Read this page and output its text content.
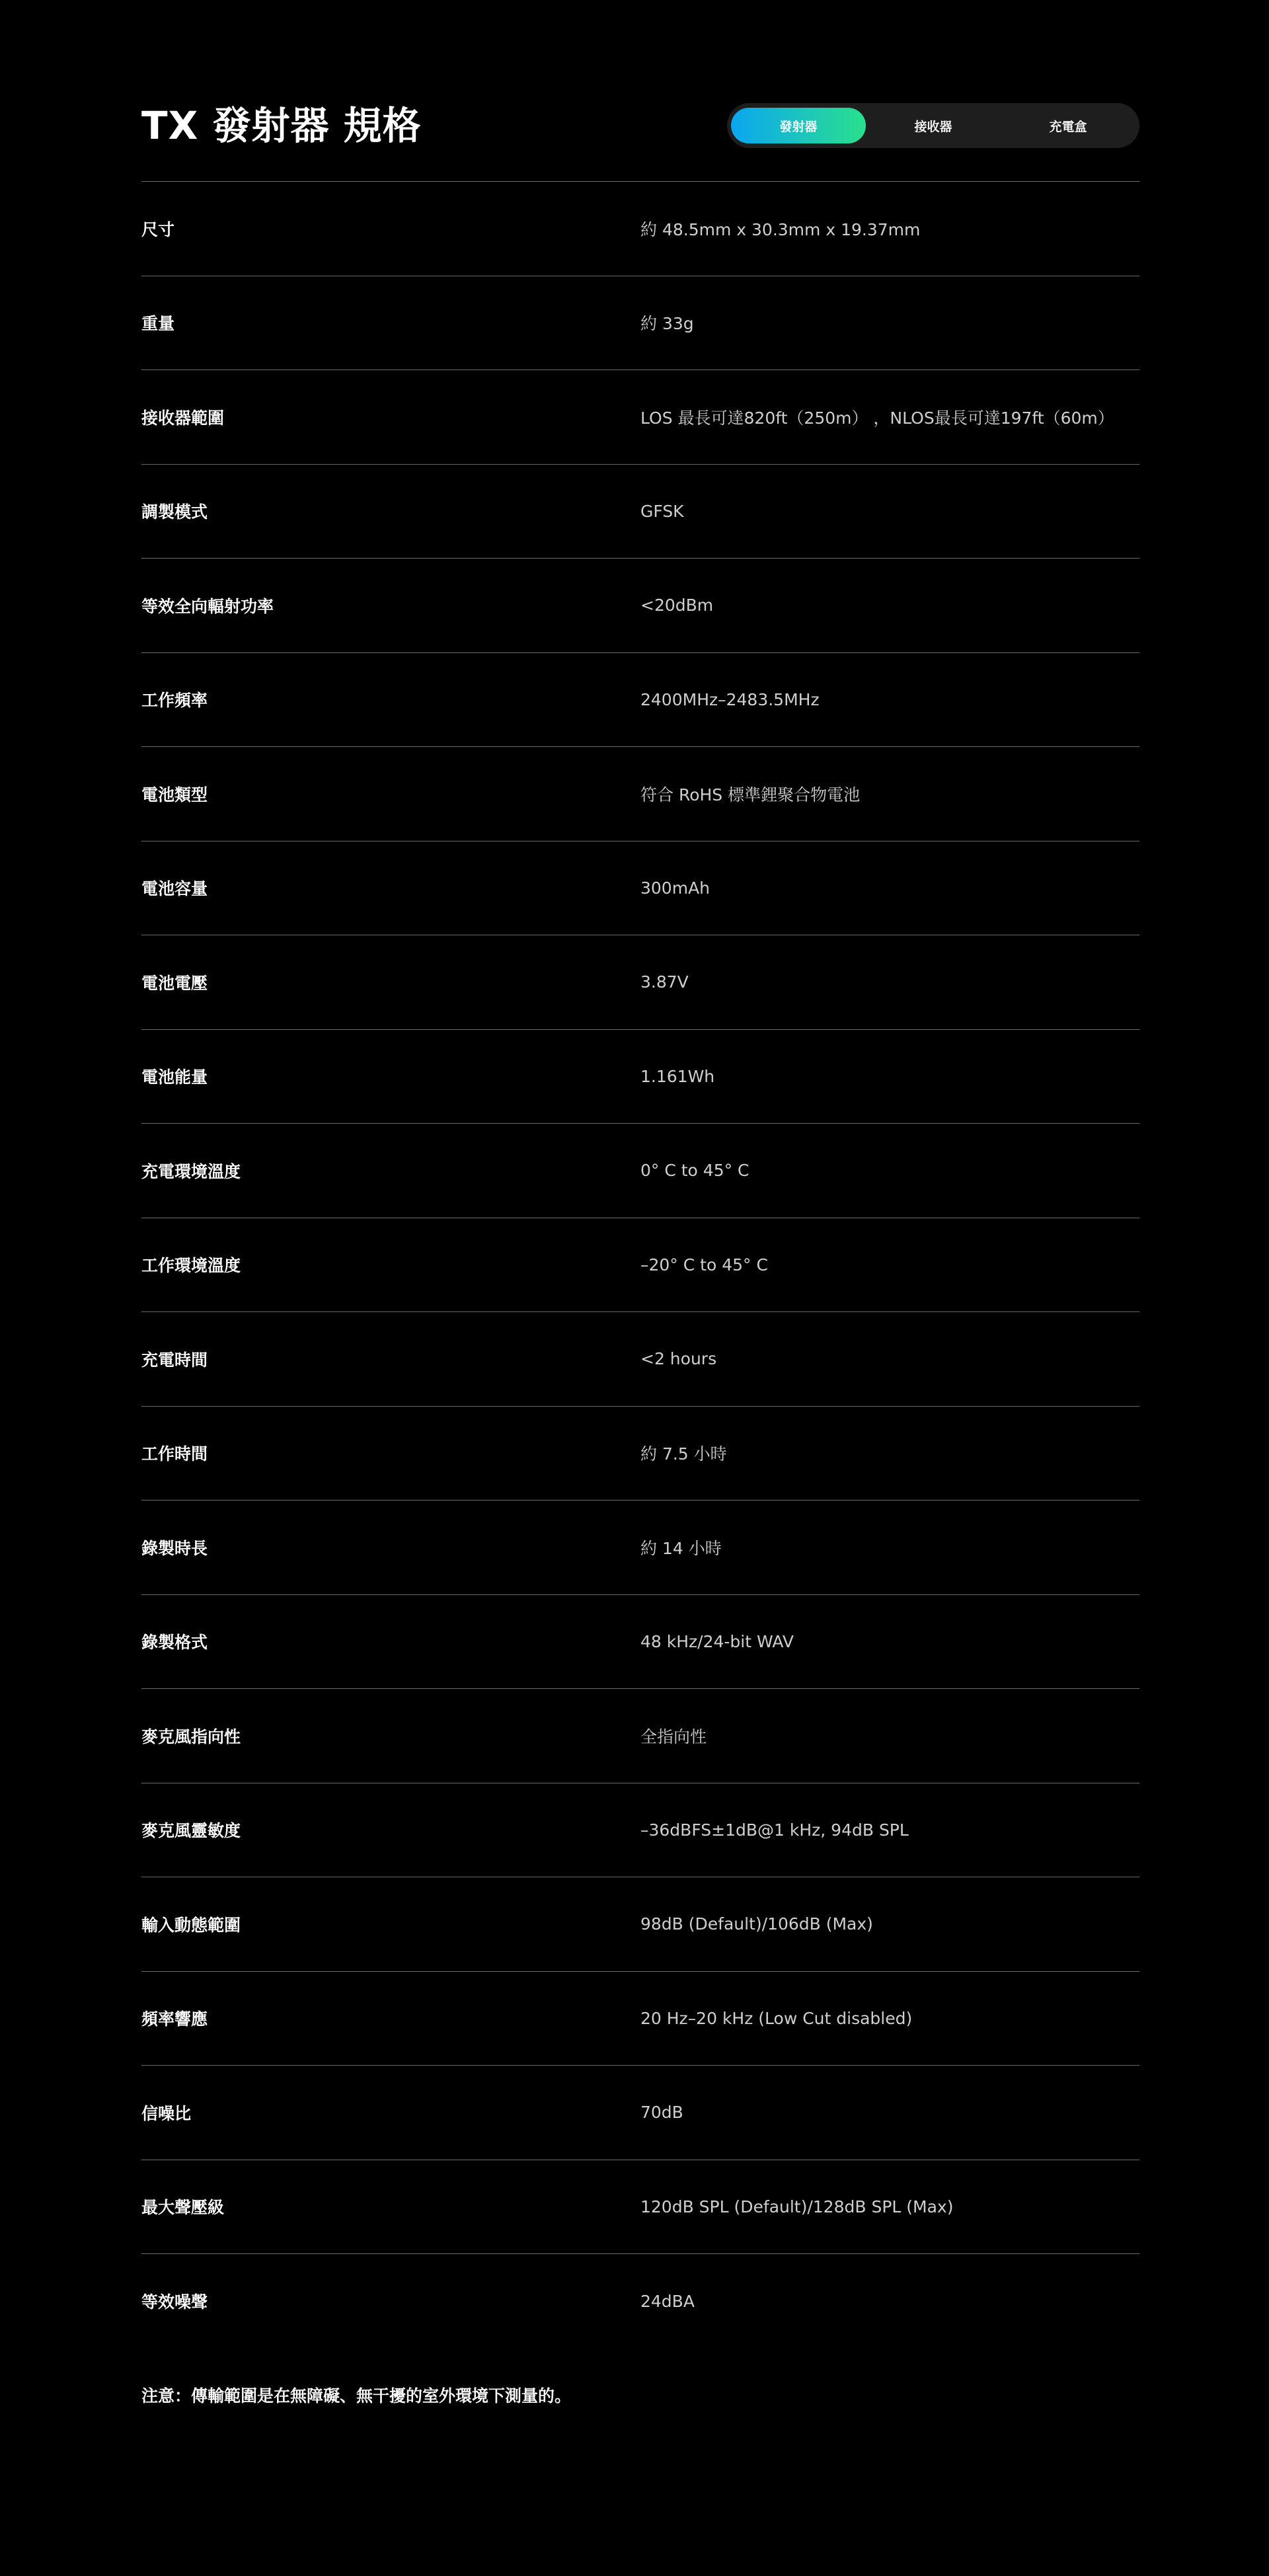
TX 發射器 規格	發射器	接收器	充電盒
尺寸	約 48.5mm x 30.3mm x 19.37mm
重量	約 33g
接收器範圍	LOS 最長可達820ft（250m） ，NLOS最長可達197ft（60m）
調製模式	GFSK
等效全向輻射功率	<20dBm
工作頻率	2400MHz–2483.5MHz
電池類型	符合 RoHS 標準鋰聚合物電池
電池容量	300mAh
電池電壓	3.87V
電池能量	1.161Wh
充電環境溫度	0° C to 45° C
工作環境溫度	–20° C to 45° C
充電時間	<2 hours
工作時間	約 7.5 小時
錄製時長	約 14 小時
錄製格式	48 kHz/24-bit WAV
麥克風指向性	全指向性
麥克風靈敏度	–36dBFS±1dB@1 kHz, 94dB SPL
輸入動態範圍	98dB (Default)/106dB (Max)
頻率響應	20 Hz–20 kHz (Low Cut disabled)
信噪比	70dB
最大聲壓級	120dB SPL (Default)/128dB SPL (Max)
等效噪聲	24dBA
注意：傳輸範圍是在無障礙、無干擾的室外環境下測量的。
